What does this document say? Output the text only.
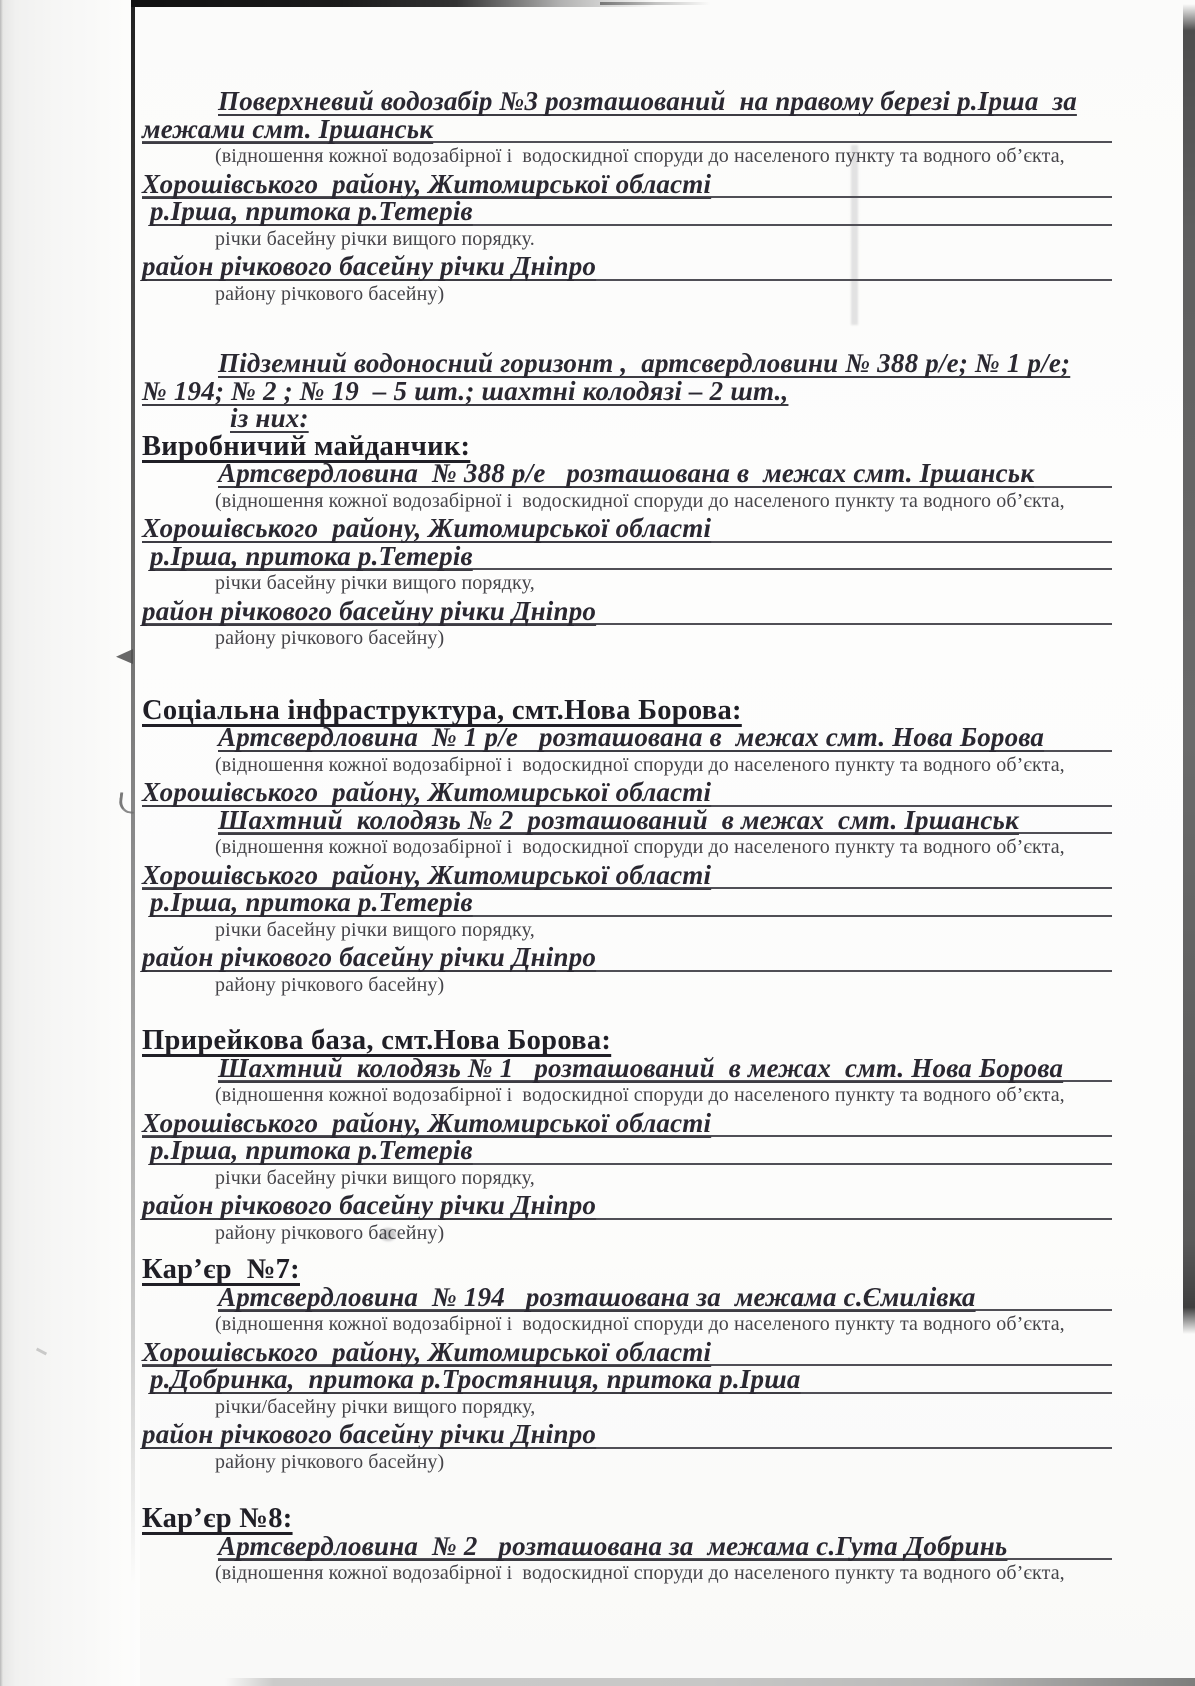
Поверхневий водозабір №3 розташований  на правому березі р.Ірша  за
межами смт. Іршанськ
(відношення кожної водозабірної і  водоскидної споруди до населеного пункту та водного об’єкта,
Хорошівського  району, Житомирської області
р.Ірша, притока р.Тетерів
річки басейну річки вищого порядку.
район річкового басейну річки Дніпро
району річкового басейну)
Підземний водоносний горизонт ,  артсвердловини № 388 р/е; № 1 р/е;
№ 194; № 2 ; № 19  – 5 шт.; шахтні колодязі – 2 шт.,
із них:
Виробничий майданчик:
Артсвердловина  № 388 р/е   розташована в  межах смт. Іршанськ
(відношення кожної водозабірної і  водоскидної споруди до населеного пункту та водного об’єкта,
Хорошівського  району, Житомирської області
р.Ірша, притока р.Тетерів
річки басейну річки вищого порядку,
район річкового басейну річки Дніпро
району річкового басейну)
Соціальна інфраструктура, смт.Нова Борова:
Артсвердловина  № 1 р/е   розташована в  межах смт. Нова Борова
(відношення кожної водозабірної і  водоскидної споруди до населеного пункту та водного об’єкта,
Хорошівського  району, Житомирської області
Шахтний  колодязь № 2  розташований  в межах  смт. Іршанськ
(відношення кожної водозабірної і  водоскидної споруди до населеного пункту та водного об’єкта,
Хорошівського  району, Житомирської області
р.Ірша, притока р.Тетерів
річки басейну річки вищого порядку,
район річкового басейну річки Дніпро
району річкового басейну)
Прирейкова база, смт.Нова Борова:
Шахтний  колодязь № 1   розташований  в межах  смт. Нова Борова
(відношення кожної водозабірної і  водоскидної споруди до населеного пункту та водного об’єкта,
Хорошівського  району, Житомирської області
р.Ірша, притока р.Тетерів
річки басейну річки вищого порядку,
район річкового басейну річки Дніпро
району річкового басейну)
Кар’єр  №7:
Артсвердловина  № 194   розташована за  межама с.Ємилівка
(відношення кожної водозабірної і  водоскидної споруди до населеного пункту та водного об’єкта,
Хорошівського  району, Житомирської області
р.Добринка,  притока р.Тростяниця, притока р.Ірша
річки/басейну річки вищого порядку,
район річкового басейну річки Дніпро
району річкового басейну)
Кар’єр №8:
Артсвердловина  № 2   розташована за  межама с.Гута Добринь
(відношення кожної водозабірної і  водоскидної споруди до населеного пункту та водного об’єкта,
